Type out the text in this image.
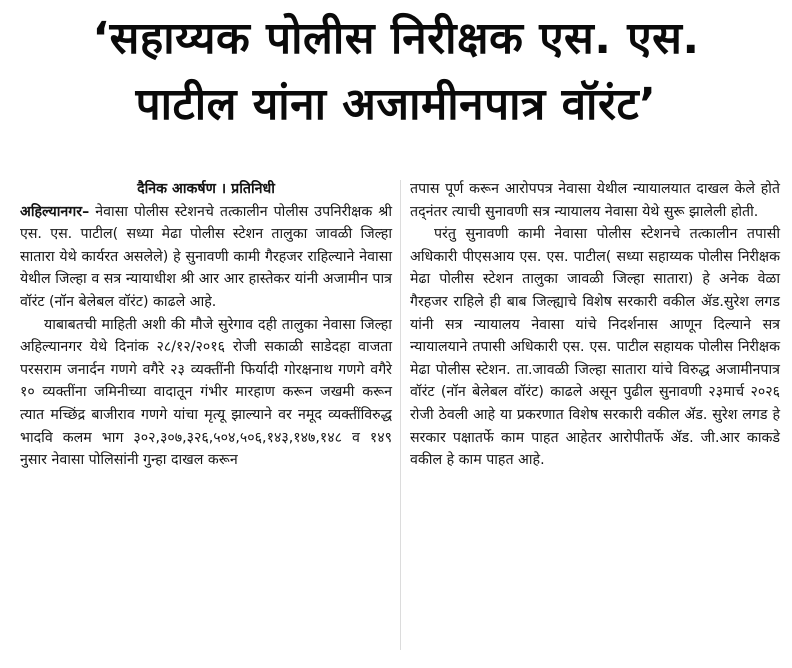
‘सहाय्यक पोलीस निरीक्षक एस. एस.
पाटील यांना अजामीनपात्र वॉरंट’

दैनिक आकर्षण । प्रतिनिधी

अहिल्यानगर– नेवासा पोलीस स्टेशनचे तत्कालीन पोलीस उपनिरीक्षक श्री एस. एस. पाटील( सध्या मेढा पोलीस स्टेशन तालुका जावळी जिल्हा सातारा येथे कार्यरत असलेले) हे सुनावणी कामी गैरहजर राहिल्याने नेवासा येथील जिल्हा व सत्र न्यायाधीश श्री आर आर हास्तेकर यांनी अजामीन पात्र वॉरंट (नॉन बेलेबल वॉरंट) काढले आहे.

याबाबतची माहिती अशी की मौजे सुरेगाव दही तालुका नेवासा जिल्हा अहिल्यानगर येथे दिनांक २८/१२/२०१६ रोजी सकाळी साडेदहा वाजता परसराम जनार्दन गणगे वगैरे २३ व्यक्तींनी फिर्यादी गोरक्षनाथ गणगे वगैरे १० व्यक्तींना जमिनीच्या वादातून गंभीर मारहाण करून जखमी करून त्यात मच्छिंद्र बाजीराव गणगे यांचा मृत्यू झाल्याने वर नमूद व्यक्तींविरुद्ध भादवि कलम भाग ३०२,३०७,३२६,५०४,५०६,१४३,१४७,१४८ व १४९ नुसार नेवासा पोलिसांनी गुन्हा दाखल करून

तपास पूर्ण करून आरोपपत्र नेवासा येथील न्यायालयात दाखल केले होते तद्नंतर त्याची सुनावणी सत्र न्यायालय नेवासा येथे सुरू झालेली होती.

परंतु सुनावणी कामी नेवासा पोलीस स्टेशनचे तत्कालीन तपासी अधिकारी पीएसआय एस. एस. पाटील( सध्या सहाय्यक पोलीस निरीक्षक मेढा पोलीस स्टेशन तालुका जावळी जिल्हा सातारा) हे अनेक वेळा गैरहजर राहिले ही बाब जिल्ह्याचे विशेष सरकारी वकील ॲड.सुरेश लगड यांनी सत्र न्यायालय नेवासा यांचे निदर्शनास आणून दिल्याने सत्र न्यायालयाने तपासी अधिकारी एस. एस. पाटील सहायक पोलीस निरीक्षक मेढा पोलीस स्टेशन. ता.जावळी जिल्हा सातारा यांचे विरुद्ध अजामीनपात्र वॉरंट (नॉन बेलेबल वॉरंट) काढले असून पुढील सुनावणी २३मार्च २०२६ रोजी ठेवली आहे या प्रकरणात विशेष सरकारी वकील ॲड. सुरेश लगड हे सरकार पक्षातर्फे काम पाहत आहेतर आरोपीतर्फे ॲड. जी.आर काकडे वकील हे काम पाहत आहे.
